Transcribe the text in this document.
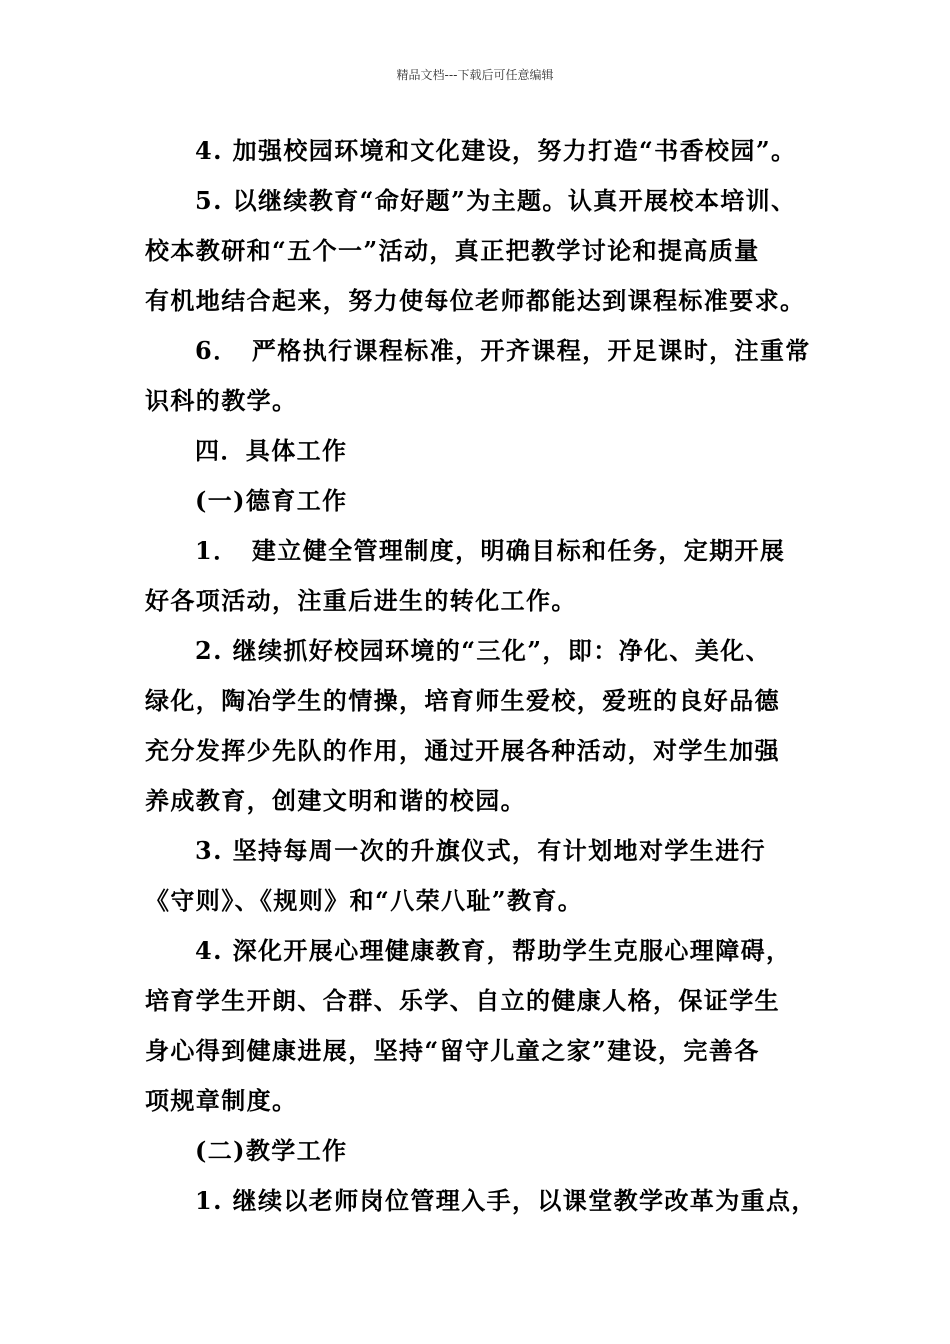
精品文档---下载后可任意编辑
4. 加强校园环境和文化建设，努力打造“书香校园”。
5. 以继续教育“命好题”为主题。认真开展校本培训、
校本教研和“五个一”活动，真正把教学讨论和提高质量
有机地结合起来，努力使每位老师都能达到课程标准要求。
6．　严格执行课程标准，开齐课程，开足课时，注重常
识科的教学。
四．具体工作
(一)德育工作
1．　建立健全管理制度，明确目标和任务，定期开展
好各项活动，注重后进生的转化工作。
2. 继续抓好校园环境的“三化”，即：净化、美化、
绿化，陶冶学生的情操，培育师生爱校，爱班的良好品德
充分发挥少先队的作用，通过开展各种活动，对学生加强
养成教育，创建文明和谐的校园。
3. 坚持每周一次的升旗仪式，有计划地对学生进行
《守则》、《规则》和“八荣八耻”教育。
4. 深化开展心理健康教育，帮助学生克服心理障碍，
培育学生开朗、合群、乐学、自立的健康人格，保证学生
身心得到健康进展，坚持“留守儿童之家”建设，完善各
项规章制度。
(二)教学工作
1. 继续以老师岗位管理入手，以课堂教学改革为重点，
